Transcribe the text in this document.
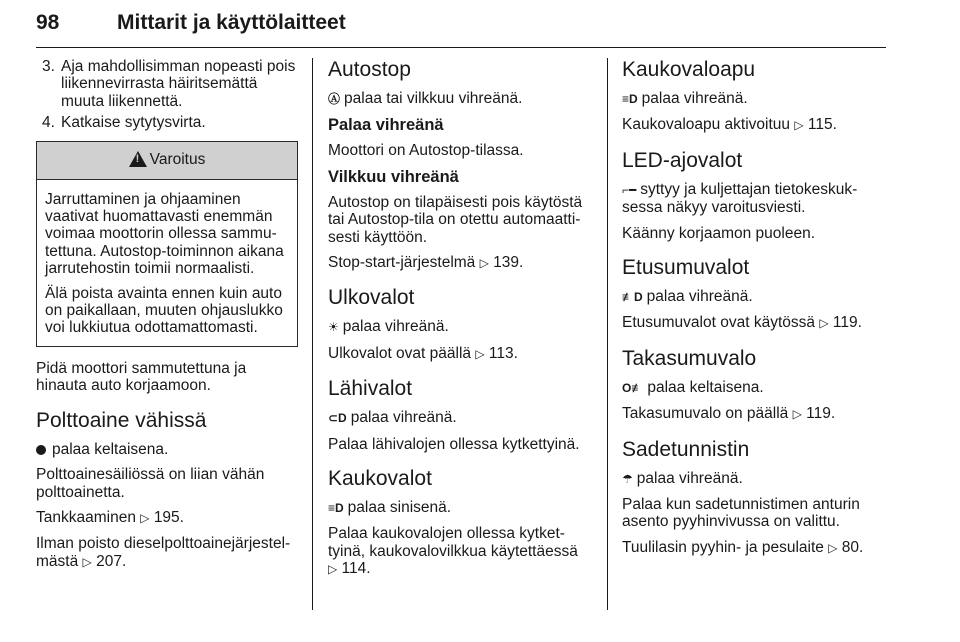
98	Mittarit ja käyttölaitteet
3. Aja mahdollisimman nopeasti pois liikennevirrasta häiritsemättä muuta liikennettä.
4. Katkaise sytytysvirta.
!
Varoitus

Jarruttaminen ja ohjaaminen vaativat huomattavasti enemmän voimaa moottorin ollessa sammutettuna. Autostop-toiminnon aikana jarrutehostin toimii normaalisti.

Älä poista avainta ennen kuin auto on paikallaan, muuten ohjauslukko voi lukkiutua odottamattomasti.

Pidä moottori sammutettuna ja hinauta auto korjaamoon.

Polttoaine vähissä

palaa keltaisena.

Polttoainesäiliössä on liian vähän polttoainetta.

Tankkaaminen ▷ 195.

Ilman poisto dieselpolttoainejärjestelmästä ▷ 207.

Autostop

Ⓐ palaa tai vilkkuu vihreänä.

Palaa vihreänä

Moottori on Autostop-tilassa.

Vilkkuu vihreänä

Autostop on tilapäisesti pois käytöstä tai Autostop-tila on otettu automaattisesti käyttöön.

Stop-start-järjestelmä ▷ 139.

Ulkovalot

☀ palaa vihreänä.

Ulkovalot ovat päällä ▷ 113.

Lähivalot

⊂D palaa vihreänä.

Palaa lähivalojen ollessa kytkettyinä.

Kaukovalot

≡D palaa sinisenä.

Palaa kaukovalojen ollessa kytkettyinä, kaukovalovilkkua käytettäessä
▷ 114.

Kaukovaloapu

≡D palaa vihreänä.

Kaukovaloapu aktivoituu ▷ 115.

LED-ajovalot

⌐━ syttyy ja kuljettajan tietokeskuksessa näkyy varoitusviesti.

Käänny korjaamon puoleen.

Etusumuvalot

≢D palaa vihreänä.

Etusumuvalot ovat käytössä ▷ 119.

Takasumuvalo

O≢ palaa keltaisena.

Takasumuvalo on päällä ▷ 119.

Sadetunnistin

☂ palaa vihreänä.

Palaa kun sadetunnistimen anturin asento pyyhinvivussa on valittu.

Tuulilasin pyyhin- ja pesulaite ▷ 80.
